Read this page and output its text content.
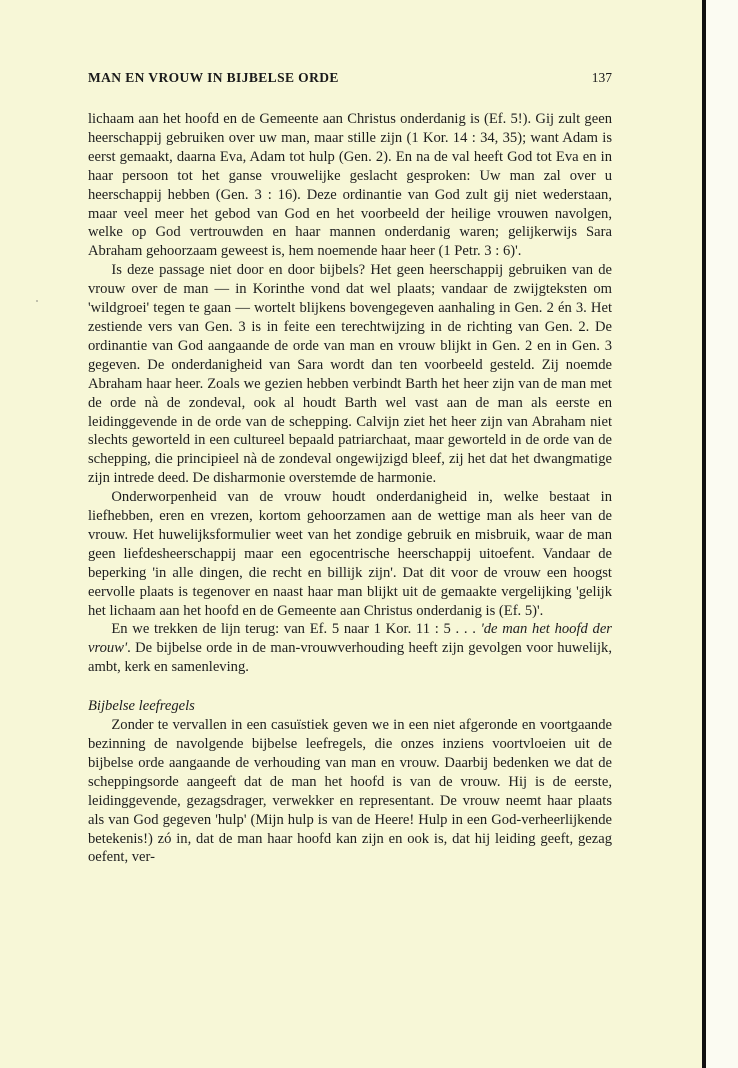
MAN EN VROUW IN BIJBELSE ORDE	137

lichaam aan het hoofd en de Gemeente aan Christus onderdanig is (Ef. 5!). Gij zult geen heerschappij gebruiken over uw man, maar stille zijn (1 Kor. 14 : 34, 35); want Adam is eerst gemaakt, daarna Eva, Adam tot hulp (Gen. 2). En na de val heeft God tot Eva en in haar persoon tot het ganse vrouwelijke geslacht gesproken: Uw man zal over u heerschappij hebben (Gen. 3 : 16). Deze ordinantie van God zult gij niet wederstaan, maar veel meer het gebod van God en het voorbeeld der heilige vrouwen navolgen, welke op God vertrouwden en haar mannen onderdanig waren; gelijkerwijs Sara Abraham gehoorzaam geweest is, hem noemende haar heer (1 Petr. 3 : 6)'.

Is deze passage niet door en door bijbels? Het geen heerschappij gebruiken van de vrouw over de man — in Korinthe vond dat wel plaats; vandaar de zwijgteksten om 'wildgroei' tegen te gaan — wortelt blijkens bovengegeven aanhaling in Gen. 2 én 3. Het zestiende vers van Gen. 3 is in feite een terechtwijzing in de richting van Gen. 2. De ordinantie van God aangaande de orde van man en vrouw blijkt in Gen. 2 en in Gen. 3 gegeven. De onderdanigheid van Sara wordt dan ten voorbeeld gesteld. Zij noemde Abraham haar heer. Zoals we gezien hebben verbindt Barth het heer zijn van de man met de orde nà de zondeval, ook al houdt Barth wel vast aan de man als eerste en leidinggevende in de orde van de schepping. Calvijn ziet het heer zijn van Abraham niet slechts geworteld in een cultureel bepaald patriarchaat, maar geworteld in de orde van de schepping, die principieel nà de zondeval ongewijzigd bleef, zij het dat het dwangmatige zijn intrede deed. De disharmonie overstemde de harmonie.

Onderworpenheid van de vrouw houdt onderdanigheid in, welke bestaat in liefhebben, eren en vrezen, kortom gehoorzamen aan de wettige man als heer van de vrouw. Het huwelijksformulier weet van het zondige gebruik en misbruik, waar de man geen liefdesheerschappij maar een egocentrische heerschappij uitoefent. Vandaar de beperking 'in alle dingen, die recht en billijk zijn'. Dat dit voor de vrouw een hoogst eervolle plaats is tegenover en naast haar man blijkt uit de gemaakte vergelijking 'gelijk het lichaam aan het hoofd en de Gemeente aan Christus onderdanig is (Ef. 5)'.

En we trekken de lijn terug: van Ef. 5 naar 1 Kor. 11 : 5 . . . 'de man het hoofd der vrouw'. De bijbelse orde in de man-vrouwverhouding heeft zijn gevolgen voor huwelijk, ambt, kerk en samenleving.

Bijbelse leefregels

Zonder te vervallen in een casuïstiek geven we in een niet afgeronde en voortgaande bezinning de navolgende bijbelse leefregels, die onzes inziens voortvloeien uit de bijbelse orde aangaande de verhouding van man en vrouw. Daarbij bedenken we dat de scheppingsorde aangeeft dat de man het hoofd is van de vrouw. Hij is de eerste, leidinggevende, gezagsdrager, verwekker en representant. De vrouw neemt haar plaats als van God gegeven 'hulp' (Mijn hulp is van de Heere! Hulp in een God-verheerlijkende betekenis!) zó in, dat de man haar hoofd kan zijn en ook is, dat hij leiding geeft, gezag oefent, ver-
